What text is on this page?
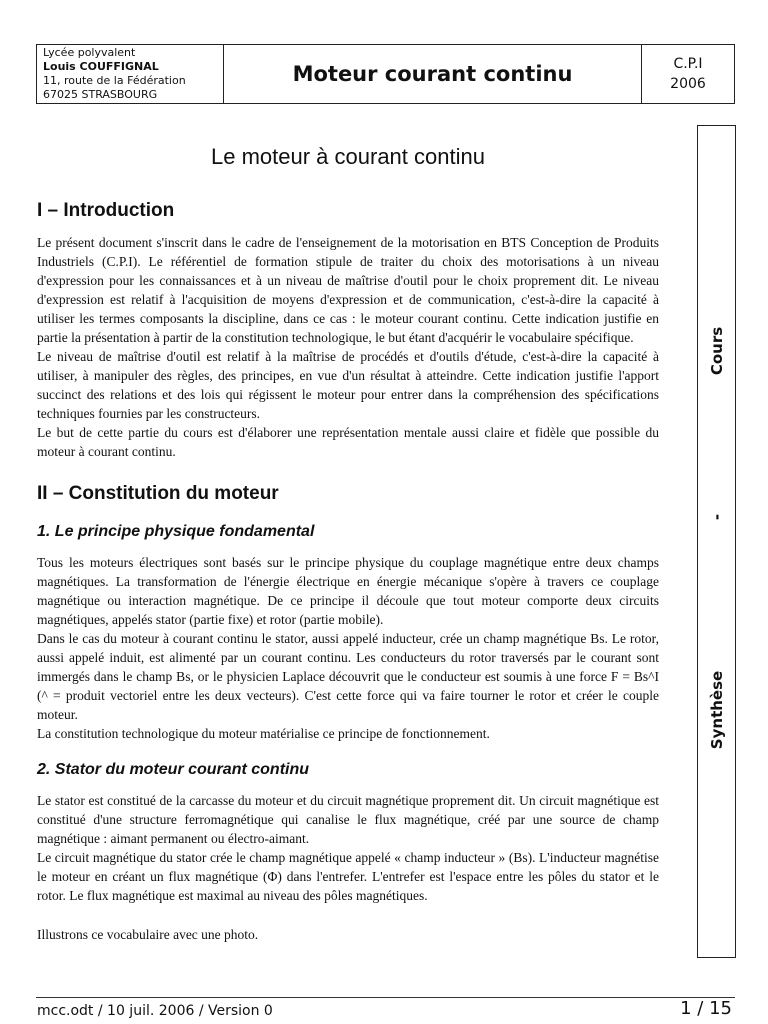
Lycée polyvalent
Louis COUFFIGNAL
11, route de la Fédération
67025 STRASBOURG
Moteur courant continu	C.P.I
2006
Le moteur à courant continu
I – Introduction

Le présent document s'inscrit dans le cadre de l'enseignement de la motorisation en BTS Conception de Produits Industriels (C.P.I). Le référentiel de formation stipule de traiter du choix des motorisations à un niveau d'expression pour les connaissances et à un niveau de maîtrise d'outil pour le choix proprement dit. Le niveau d'expression est relatif à l'acquisition de moyens d'expression et de communication, c'est-à-dire la capacité à utiliser les termes composants la discipline, dans ce cas : le moteur courant continu. Cette indication justifie en partie la présentation à partir de la constitution technologique, le but étant d'acquérir le vocabulaire spécifique.

Le niveau de maîtrise d'outil est relatif à la maîtrise de procédés et d'outils d'étude, c'est-à-dire la capacité à utiliser, à manipuler des règles, des principes, en vue d'un résultat à atteindre. Cette indication justifie l'apport succinct des relations et des lois qui régissent le moteur pour entrer dans la compréhension des spécifications techniques fournies par les constructeurs.

Le but de cette partie du cours est d'élaborer une représentation mentale aussi claire et fidèle que possible du moteur à courant continu.

II – Constitution du moteur
1. Le principe physique fondamental

Tous les moteurs électriques sont basés sur le principe physique du couplage magnétique entre deux champs magnétiques. La transformation de l'énergie électrique en énergie mécanique s'opère à travers ce couplage magnétique ou interaction magnétique. De ce principe il découle que tout moteur comporte deux circuits magnétiques, appelés stator (partie fixe) et rotor (partie mobile).

Dans le cas du moteur à courant continu le stator, aussi appelé inducteur, crée un champ magnétique Bs. Le rotor, aussi appelé induit, est alimenté par un courant continu. Les conducteurs du rotor traversés par le courant sont immergés dans le champ Bs, or le physicien Laplace découvrit que le conducteur est soumis à une force F = Bs^I (^ = produit vectoriel entre les deux vecteurs). C'est cette force qui va faire tourner le rotor et créer le couple moteur.

La constitution technologique du moteur matérialise ce principe de fonctionnement.

2. Stator du moteur courant continu

Le stator est constitué de la carcasse du moteur et du circuit magnétique proprement dit. Un circuit magnétique est constitué d'une structure ferromagnétique qui canalise le flux magnétique, créé par une source de champ magnétique : aimant permanent ou électro-aimant.

Le circuit magnétique du stator crée le champ magnétique appelé « champ inducteur » (Bs). L'inducteur magnétise le moteur en créant un flux magnétique (Φ) dans l'entrefer. L'entrefer est l'espace entre les pôles du stator et le rotor. Le flux magnétique est maximal au niveau des pôles magnétiques.

Illustrons ce vocabulaire avec une photo.

Cours
-
Synthèse
mcc.odt / 10 juil. 2006 / Version 0	1 / 15
